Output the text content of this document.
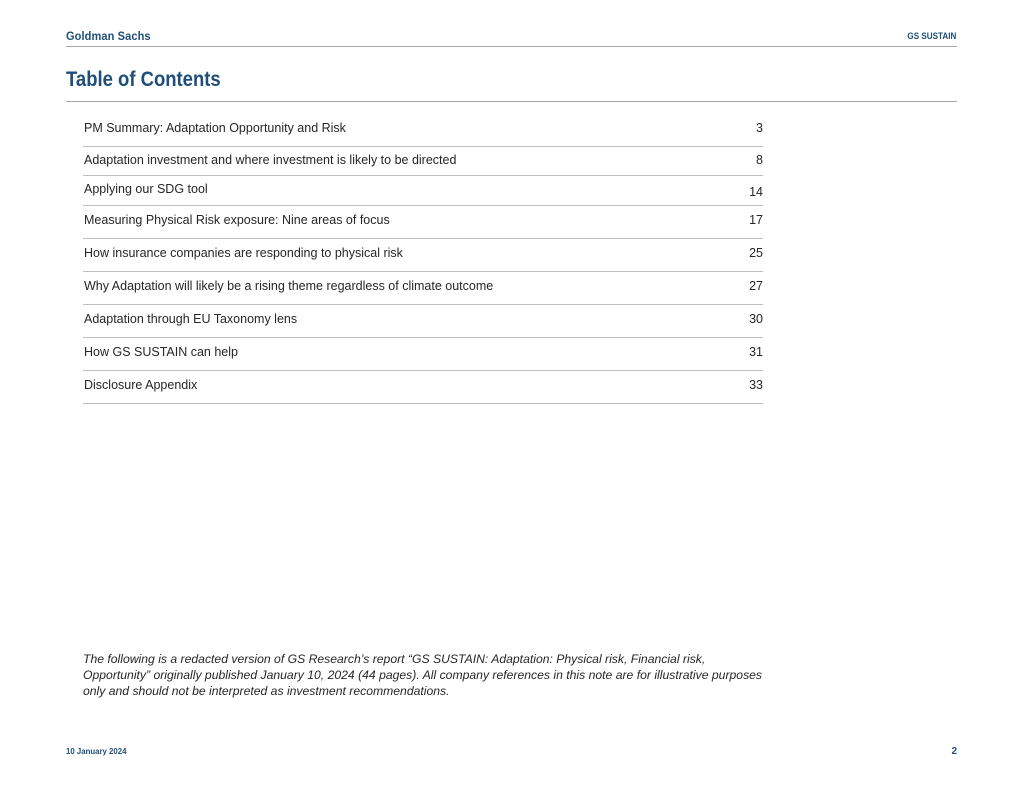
Goldman Sachs	GS SUSTAIN
Table of Contents
PM Summary: Adaptation Opportunity and Risk	3
Adaptation investment and where investment is likely to be directed	8
Applying our SDG tool	14
Measuring Physical Risk exposure: Nine areas of focus	17
How insurance companies are responding to physical risk	25
Why Adaptation will likely be a rising theme regardless of climate outcome	27
Adaptation through EU Taxonomy lens	30
How GS SUSTAIN can help	31
Disclosure Appendix	33
The following is a redacted version of GS Research’s report “GS SUSTAIN: Adaptation: Physical risk, Financial risk, Opportunity” originally published January 10, 2024 (44 pages). All company references in this note are for illustrative purposes only and should not be interpreted as investment recommendations.
10 January 2024	2
